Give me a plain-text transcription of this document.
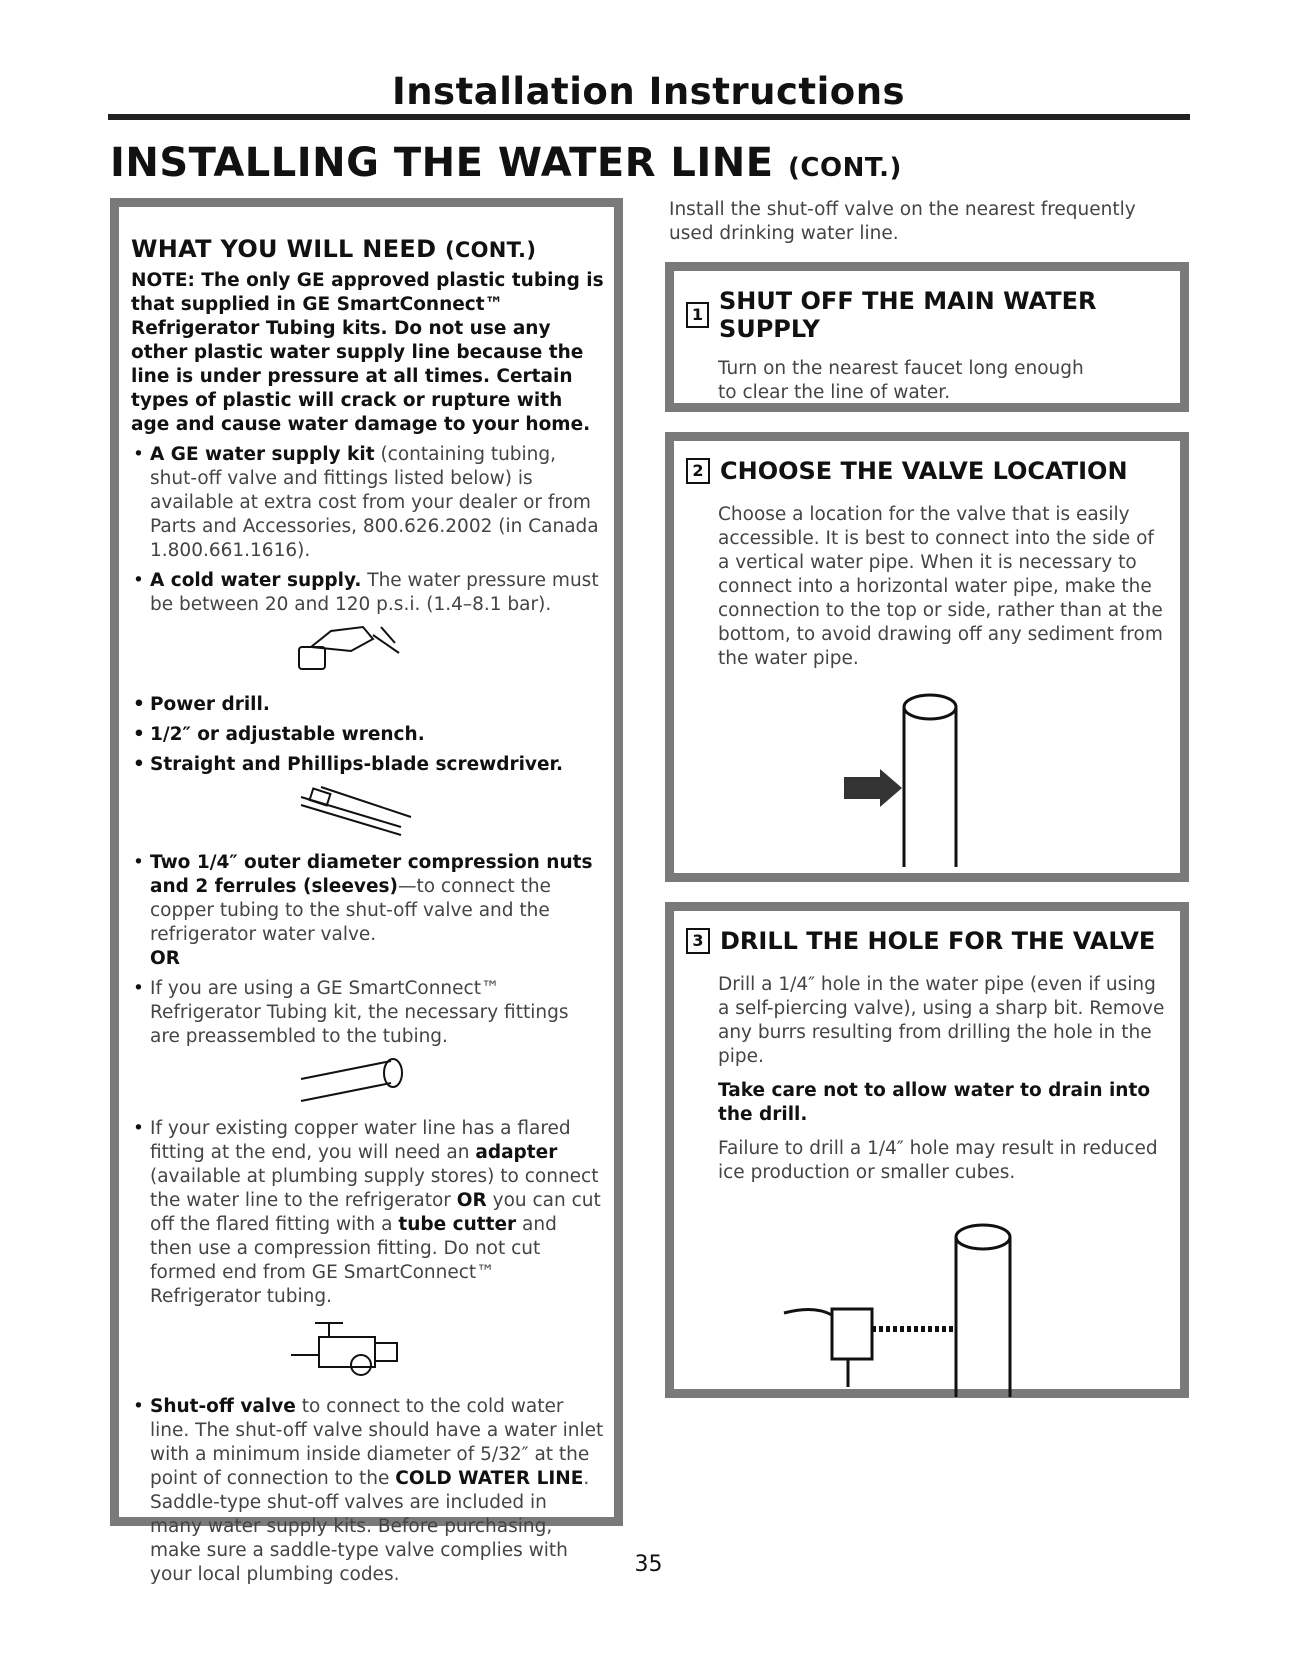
Installation Instructions
INSTALLING THE WATER LINE (CONT.)
WHAT YOU WILL NEED (CONT.)
NOTE: The only GE approved plastic tubing is that supplied in GE SmartConnect™ Refrigerator Tubing kits. Do not use any other plastic water supply line because the line is under pressure at all times. Certain types of plastic will crack or rupture with age and cause water damage to your home.
• A GE water supply kit (containing tubing, shut-off valve and fittings listed below) is available at extra cost from your dealer or from Parts and Accessories, 800.626.2002 (in Canada 1.800.661.1616).
• A cold water supply. The water pressure must be between 20 and 120 p.s.i. (1.4–8.1 bar).
• Power drill.
• 1/2″ or adjustable wrench.
• Straight and Phillips-blade screwdriver.
• Two 1/4″ outer diameter compression nuts and 2 ferrules (sleeves)—to connect the copper tubing to the shut-off valve and the refrigerator water valve.
OR
• If you are using a GE SmartConnect™ Refrigerator Tubing kit, the necessary fittings are preassembled to the tubing.
• If your existing copper water line has a flared fitting at the end, you will need an adapter (available at plumbing supply stores) to connect the water line to the refrigerator OR you can cut off the flared fitting with a tube cutter and then use a compression fitting. Do not cut formed end from GE SmartConnect™ Refrigerator tubing.
• Shut-off valve to connect to the cold water line. The shut-off valve should have a water inlet with a minimum inside diameter of 5/32″ at the point of connection to the COLD WATER LINE. Saddle-type shut-off valves are included in many water supply kits. Before purchasing, make sure a saddle-type valve complies with your local plumbing codes.
Install the shut-off valve on the nearest frequently used drinking water line.
1 SHUT OFF THE MAIN WATER SUPPLY
Turn on the nearest faucet long enough to clear the line of water.
2 CHOOSE THE VALVE LOCATION
Choose a location for the valve that is easily accessible. It is best to connect into the side of a vertical water pipe. When it is necessary to connect into a horizontal water pipe, make the connection to the top or side, rather than at the bottom, to avoid drawing off any sediment from the water pipe.
3 DRILL THE HOLE FOR THE VALVE
Drill a 1/4″ hole in the water pipe (even if using a self-piercing valve), using a sharp bit. Remove any burrs resulting from drilling the hole in the pipe.
Take care not to allow water to drain into the drill.
Failure to drill a 1/4″ hole may result in reduced ice production or smaller cubes.
35
